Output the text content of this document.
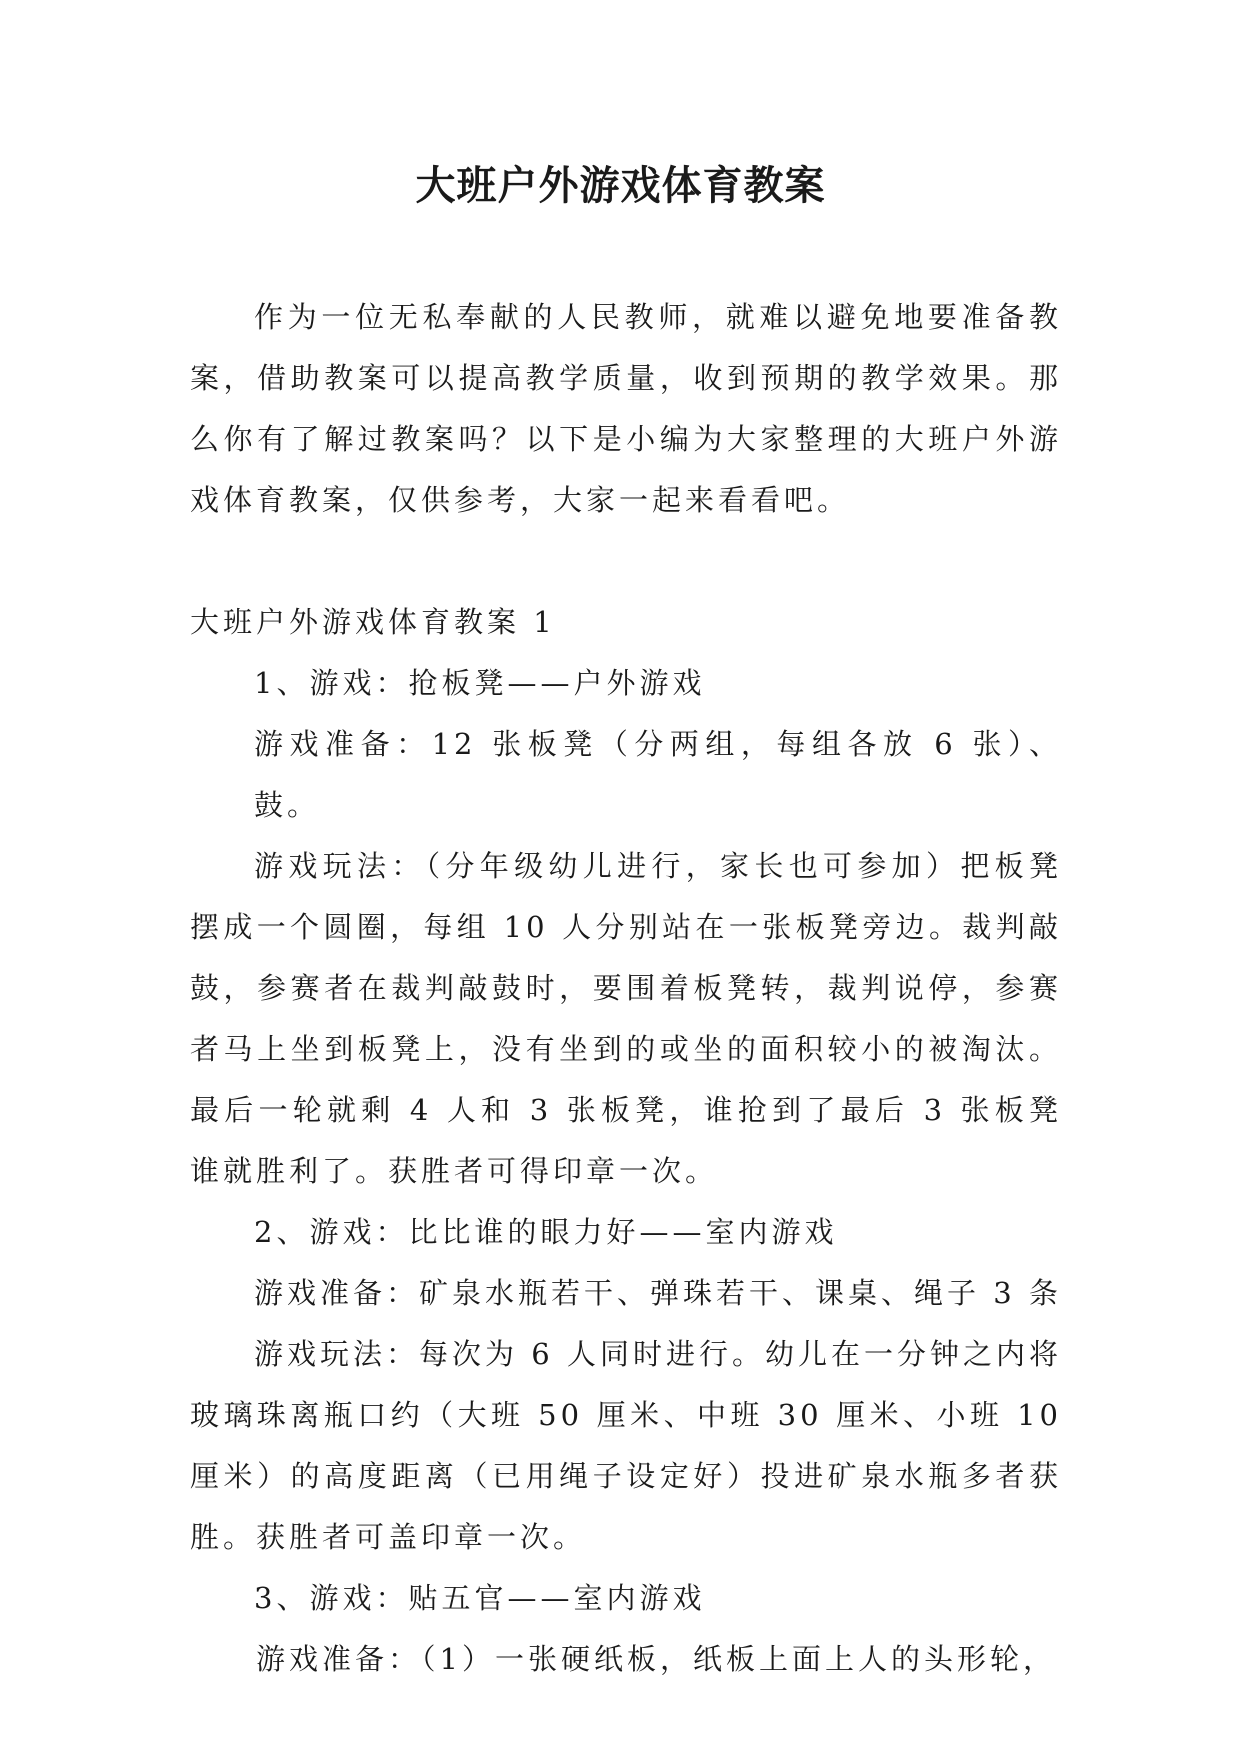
大班户外游戏体育教案

作为一位无私奉献的人民教师，就难以避免地要准备教案，借助教案可以提高教学质量，收到预期的教学效果。那么你有了解过教案吗？以下是小编为大家整理的大班户外游戏体育教案，仅供参考，大家一起来看看吧。

大班户外游戏体育教案 1

1、游戏：抢板凳——户外游戏

游戏准备：12 张板凳（分两组，每组各放 6 张）、鼓。

游戏玩法：（分年级幼儿进行，家长也可参加）把板凳摆成一个圆圈，每组 10 人分别站在一张板凳旁边。裁判敲鼓，参赛者在裁判敲鼓时，要围着板凳转，裁判说停，参赛者马上坐到板凳上，没有坐到的或坐的面积较小的被淘汰。最后一轮就剩 4 人和 3 张板凳，谁抢到了最后 3 张板凳谁就胜利了。获胜者可得印章一次。

2、游戏：比比谁的眼力好——室内游戏

游戏准备：矿泉水瓶若干、弹珠若干、课桌、绳子 3 条

游戏玩法：每次为 6 人同时进行。幼儿在一分钟之内将玻璃珠离瓶口约（大班 50 厘米、中班 30 厘米、小班 10 厘米）的高度距离（已用绳子设定好）投进矿泉水瓶多者获胜。获胜者可盖印章一次。

3、游戏：贴五官——室内游戏

游戏准备：（1）一张硬纸板，纸板上面上人的头形轮，
